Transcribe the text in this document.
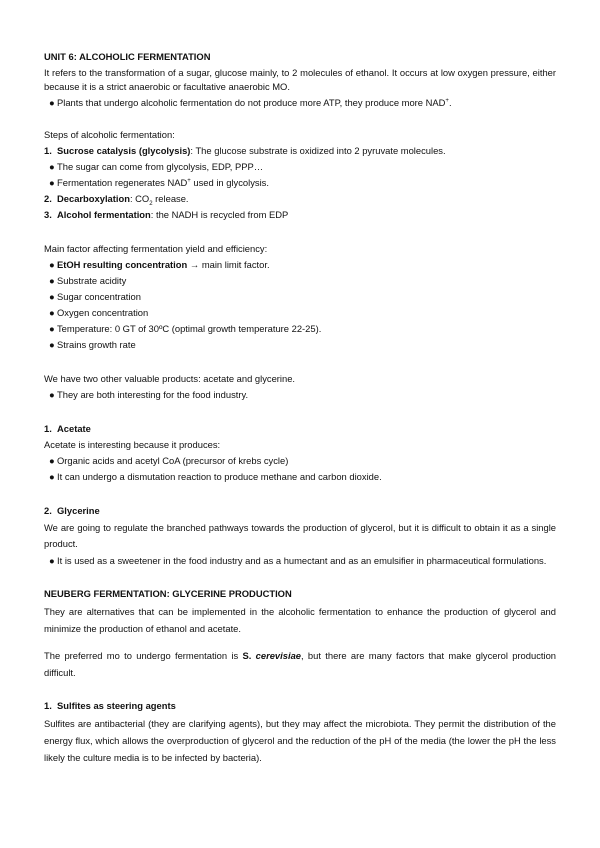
UNIT 6: ALCOHOLIC FERMENTATION

It refers to the transformation of a sugar, glucose mainly, to 2 molecules of ethanol. It occurs at low oxygen pressure, either because it is a strict anaerobic or facultative anaerobic MO.

● Plants that undergo alcoholic fermentation do not produce more ATP, they produce more NAD+.

Steps of alcoholic fermentation:

1. Sucrose catalysis (glycolysis): The glucose substrate is oxidized into 2 pyruvate molecules.
● The sugar can come from glycolysis, EDP, PPP…
● Fermentation regenerates NAD+ used in glycolysis.
2. Decarboxylation: $CO_2$ release.
3. Alcohol fermentation: the NADH is recycled from EDP

Main factor affecting fermentation yield and efficiency:

● EtOH resulting concentration → main limit factor.
● Substrate acidity
● Sugar concentration
● Oxygen concentration
● Temperature: 0 GT of 30ºC (optimal growth temperature 22-25).
● Strains growth rate

We have two other valuable products: acetate and glycerine.

● They are both interesting for the food industry.
1. Acetate

Acetate is interesting because it produces:

● Organic acids and acetyl CoA (precursor of krebs cycle)
● It can undergo a dismutation reaction to produce methane and carbon dioxide.
2. Glycerine

We are going to regulate the branched pathways towards the production of glycerol, but it is difficult to obtain it as a single product.

● It is used as a sweetener in the food industry and as a humectant and as an emulsifier in pharmaceutical formulations.

NEUBERG FERMENTATION: GLYCERINE PRODUCTION

They are alternatives that can be implemented in the alcoholic fermentation to enhance the production of glycerol and minimize the production of ethanol and acetate.

The preferred mo to undergo fermentation is S. cerevisiae, but there are many factors that make glycerol production difficult.

1. Sulfites as steering agents

Sulfites are antibacterial (they are clarifying agents), but they may affect the microbiota. They permit the distribution of the energy flux, which allows the overproduction of glycerol and the reduction of the pH of the media (the lower the pH the less likely the culture media is to be infected by bacteria).
